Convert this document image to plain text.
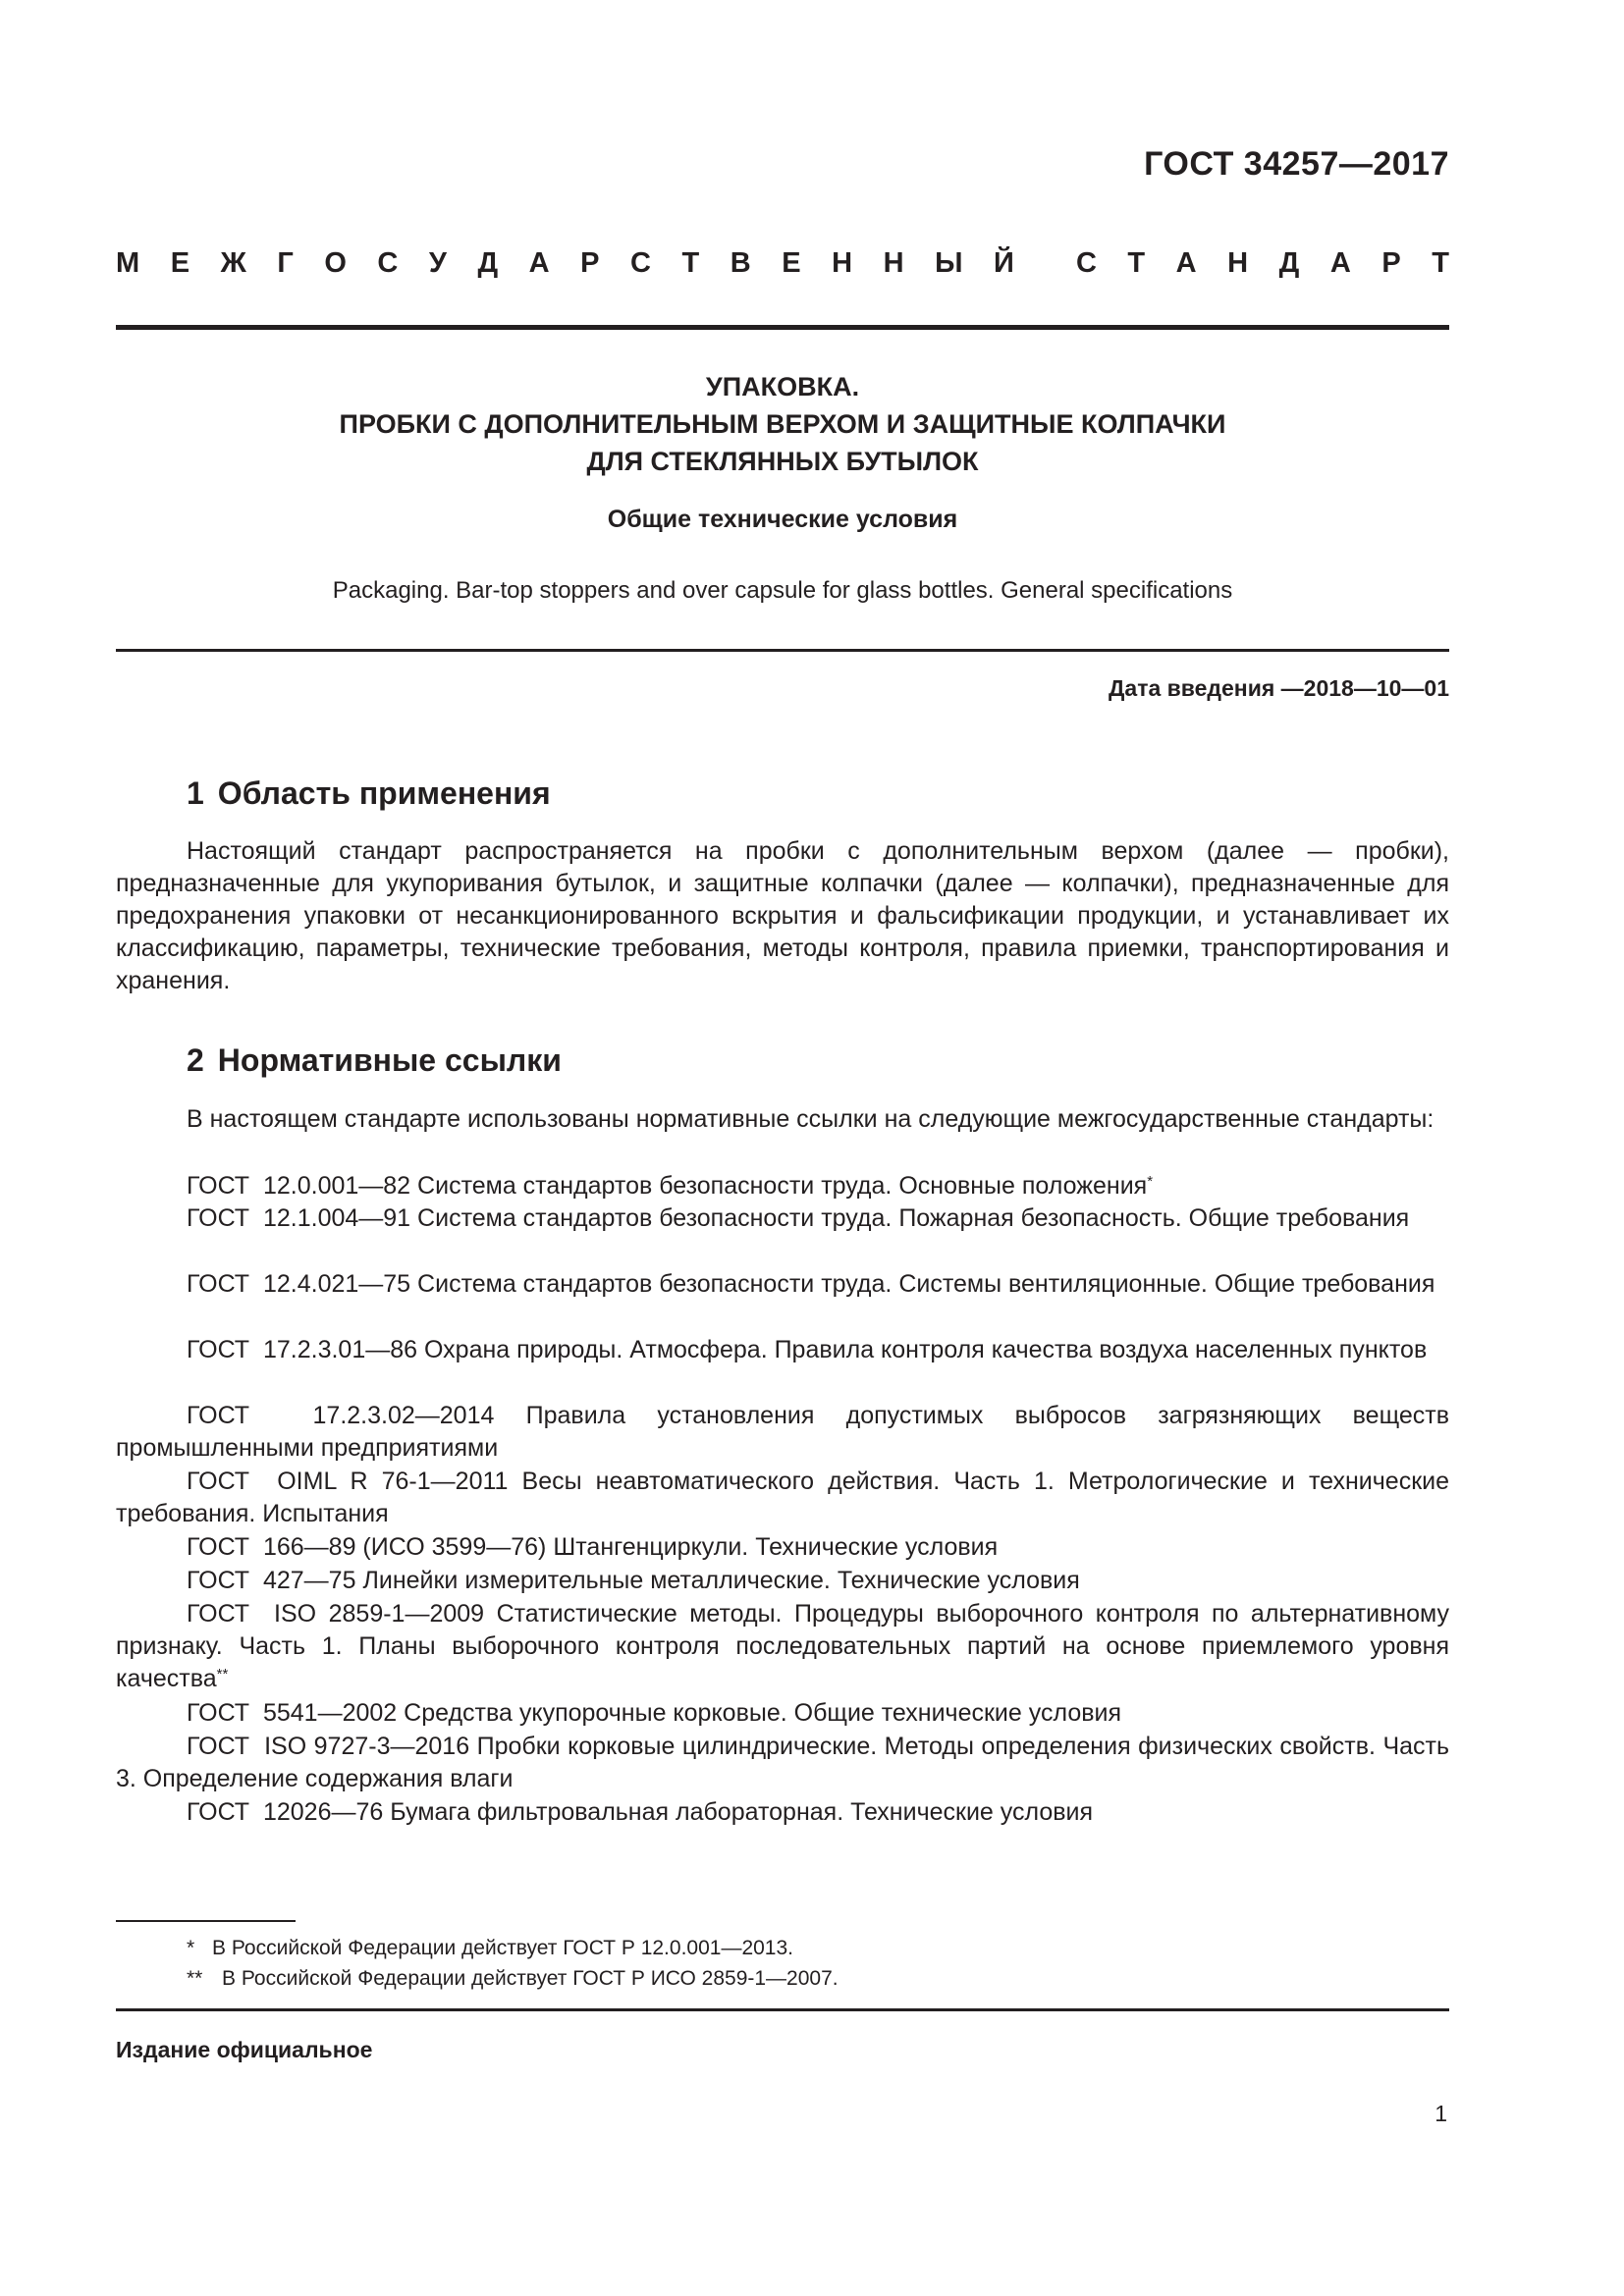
ГОСТ 34257—2017
М Е Ж Г О С У Д А Р С Т В Е Н Н Ы Й С Т А Н Д А Р Т
УПАКОВКА.
ПРОБКИ С ДОПОЛНИТЕЛЬНЫМ ВЕРХОМ И ЗАЩИТНЫЕ КОЛПАЧКИ
ДЛЯ СТЕКЛЯННЫХ БУТЫЛОК
Общие технические условия
Packaging. Bar-top stoppers and over capsule for glass bottles. General specifications
Дата введения —2018—10—01
1 Область применения
Настоящий стандарт распространяется на пробки с дополнительным верхом (далее — пробки), предназначенные для укупоривания бутылок, и защитные колпачки (далее — колпачки), предназначенные для предохранения упаковки от несанкционированного вскрытия и фальсификации продукции, и устанавливает их классификацию, параметры, технические требования, методы контроля, правила приемки, транспортирования и хранения.
2 Нормативные ссылки
В настоящем стандарте использованы нормативные ссылки на следующие межгосударственные стандарты:
ГОСТ  12.0.001—82 Система стандартов безопасности труда. Основные положения*
ГОСТ  12.1.004—91 Система стандартов безопасности труда. Пожарная безопасность. Общие требования
ГОСТ  12.4.021—75 Система стандартов безопасности труда. Системы вентиляционные. Общие требования
ГОСТ  17.2.3.01—86 Охрана природы. Атмосфера. Правила контроля качества воздуха населенных пунктов
ГОСТ  17.2.3.02—2014 Правила установления допустимых выбросов загрязняющих веществ промышленными предприятиями
ГОСТ  OIML R 76-1—2011 Весы неавтоматического действия. Часть 1. Метрологические и технические требования. Испытания
ГОСТ  166—89 (ИСО 3599—76) Штангенциркули. Технические условия
ГОСТ  427—75 Линейки измерительные металлические. Технические условия
ГОСТ  ISO 2859-1—2009 Статистические методы. Процедуры выборочного контроля по альтернативному признаку. Часть 1. Планы выборочного контроля последовательных партий на основе приемлемого уровня качества**
ГОСТ  5541—2002 Средства укупорочные корковые. Общие технические условия
ГОСТ  ISO 9727-3—2016 Пробки корковые цилиндрические. Методы определения физических свойств. Часть 3. Определение содержания влаги
ГОСТ  12026—76 Бумага фильтровальная лабораторная. Технические условия
* В Российской Федерации действует ГОСТ Р 12.0.001—2013.
** В Российской Федерации действует ГОСТ Р ИСО 2859-1—2007.
Издание официальное
1
